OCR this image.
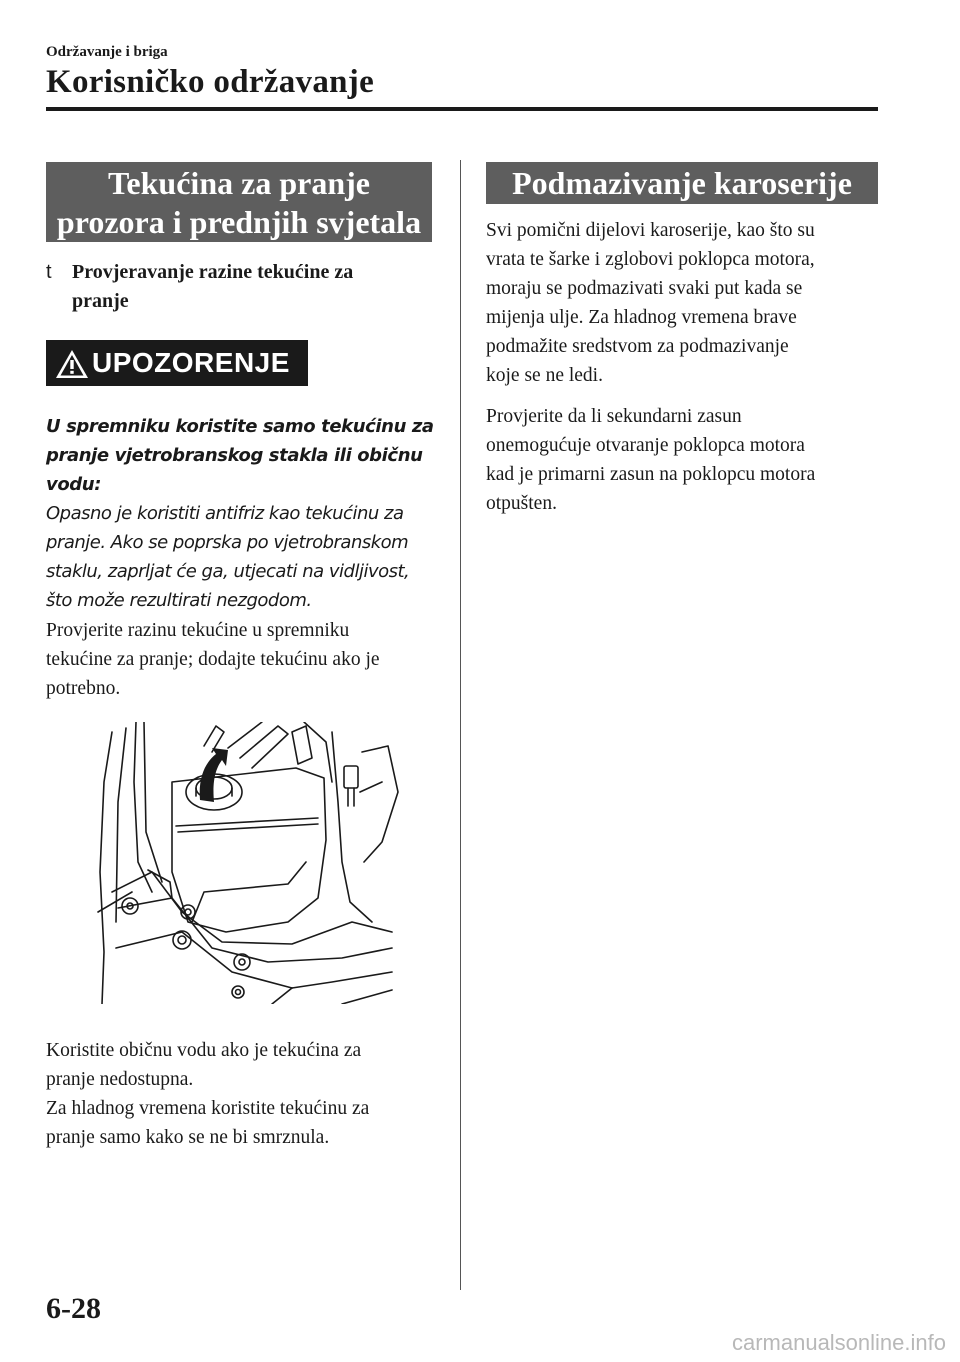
Održavanje i briga
Korisničko održavanje
Tekućina za pranje
prozora i prednjih svjetala
t Provjeravanje razine tekućine za
pranje
UPOZORENJE

U spremniku koristite samo tekućinu za

pranje vjetrobranskog stakla ili običnu

vodu:

Opasno je koristiti antifriz kao tekućinu za

pranje. Ako se poprska po vjetrobranskom

staklu, zaprljat će ga, utjecati na vidljivost,

što može rezultirati nezgodom.

Provjerite razinu tekućine u spremniku
tekućine za pranje; dodajte tekućinu ako je
potrebno.
Koristite običnu vodu ako je tekućina za
pranje nedostupna.
Za hladnog vremena koristite tekućinu za
pranje samo kako se ne bi smrznula.
Podmazivanje karoserije
Svi pomični dijelovi karoserije, kao što su
vrata te šarke i zglobovi poklopca motora,
moraju se podmazivati svaki put kada se
mijenja ulje. Za hladnog vremena brave
podmažite sredstvom za podmazivanje
koje se ne ledi.
Provjerite da li sekundarni zasun
onemogućuje otvaranje poklopca motora
kad je primarni zasun na poklopcu motora
otpušten.
6-28
carmanualsonline.info
